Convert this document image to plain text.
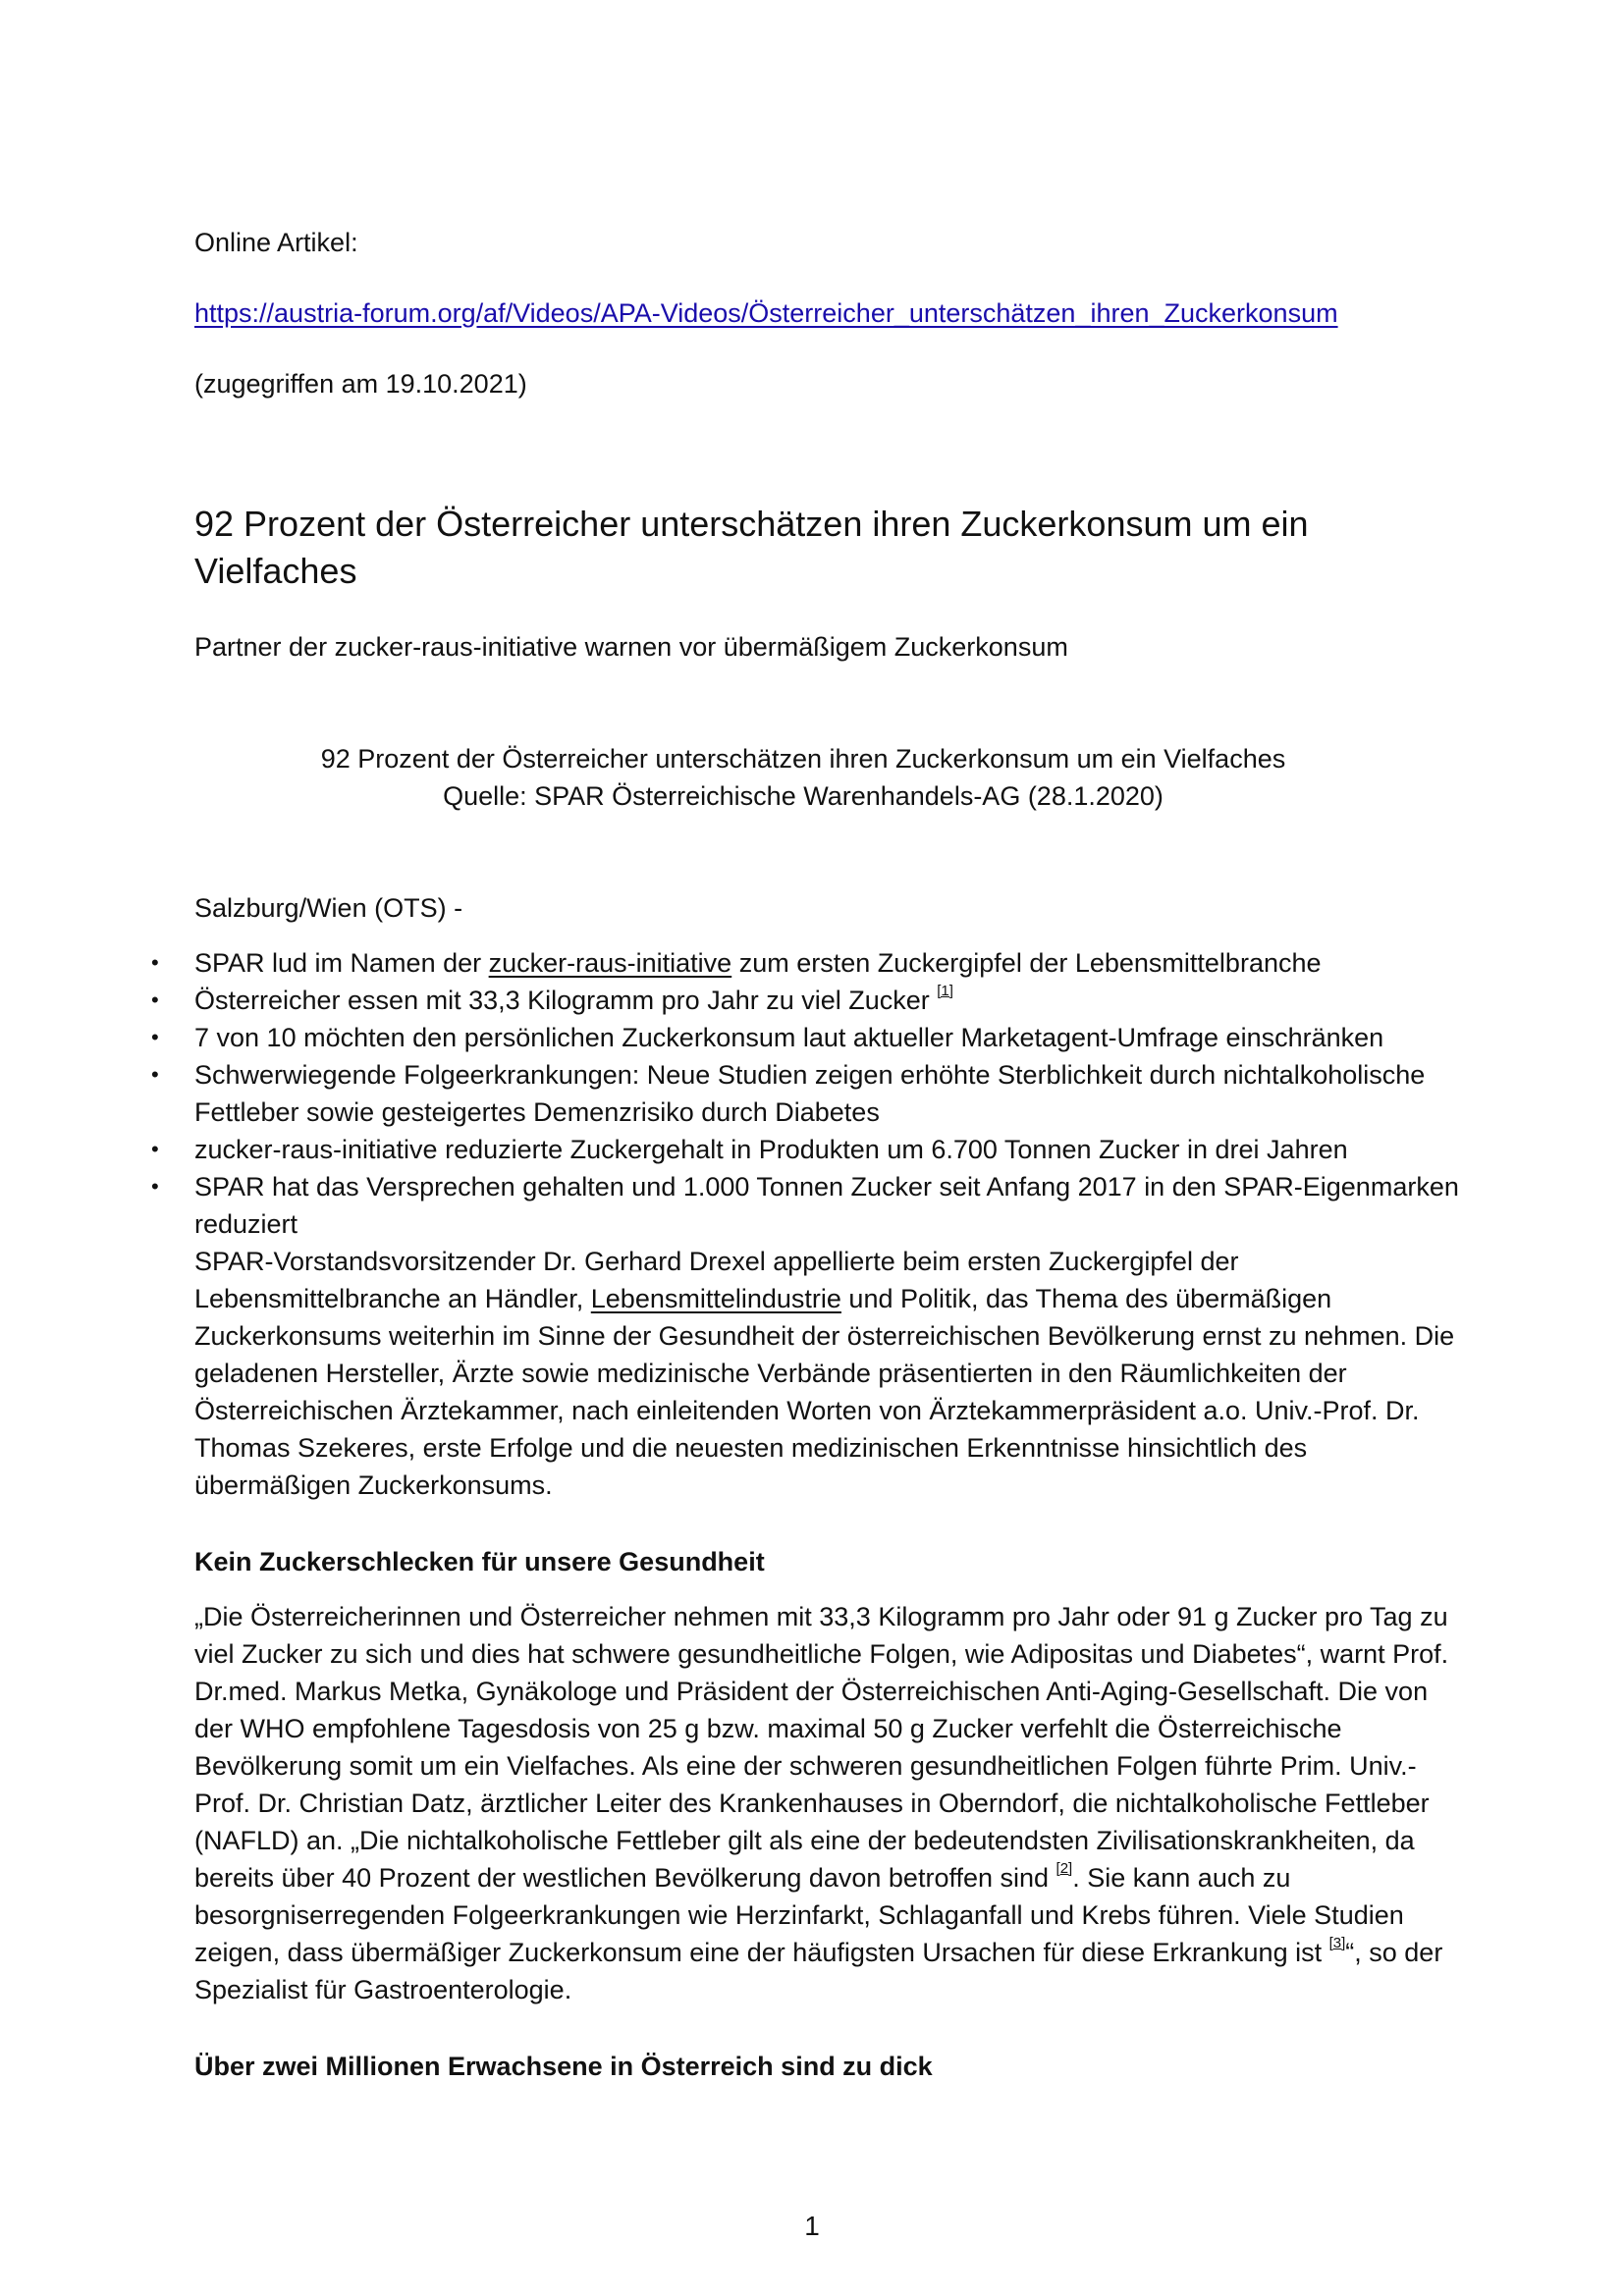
Online Artikel:

https://austria-forum.org/af/Videos/APA-Videos/Österreicher_unterschätzen_ihren_Zuckerkonsum

(zugegriffen am 19.10.2021)

92 Prozent der Österreicher unterschätzen ihren Zuckerkonsum um ein Vielfaches

Partner der zucker-raus-initiative warnen vor übermäßigem Zuckerkonsum

92 Prozent der Österreicher unterschätzen ihren Zuckerkonsum um ein Vielfaches

Quelle: SPAR Österreichische Warenhandels-AG (28.1.2020)

Salzburg/Wien (OTS) -

• SPAR lud im Namen der zucker-raus-initiative zum ersten Zuckergipfel der Lebensmittelbranche
• Österreicher essen mit 33,3 Kilogramm pro Jahr zu viel Zucker [1]
• 7 von 10 möchten den persönlichen Zuckerkonsum laut aktueller Marketagent-Umfrage einschränken
• Schwerwiegende Folgeerkrankungen: Neue Studien zeigen erhöhte Sterblichkeit durch nichtalkoholische Fettleber sowie gesteigertes Demenzrisiko durch Diabetes
• zucker-raus-initiative reduzierte Zuckergehalt in Produkten um 6.700 Tonnen Zucker in drei Jahren
• SPAR hat das Versprechen gehalten und 1.000 Tonnen Zucker seit Anfang 2017 in den SPAR-Eigenmarken reduziert

SPAR-Vorstandsvorsitzender Dr. Gerhard Drexel appellierte beim ersten Zuckergipfel der Lebensmittelbranche an Händler, Lebensmittelindustrie und Politik, das Thema des übermäßigen Zuckerkonsums weiterhin im Sinne der Gesundheit der österreichischen Bevölkerung ernst zu nehmen. Die geladenen Hersteller, Ärzte sowie medizinische Verbände präsentierten in den Räumlichkeiten der Österreichischen Ärztekammer, nach einleitenden Worten von Ärztekammerpräsident a.o. Univ.-Prof. Dr. Thomas Szekeres, erste Erfolge und die neuesten medizinischen Erkenntnisse hinsichtlich des übermäßigen Zuckerkonsums.

Kein Zuckerschlecken für unsere Gesundheit

„Die Österreicherinnen und Österreicher nehmen mit 33,3 Kilogramm pro Jahr oder 91 g Zucker pro Tag zu viel Zucker zu sich und dies hat schwere gesundheitliche Folgen, wie Adipositas und Diabetes“, warnt Prof. Dr.med. Markus Metka, Gynäkologe und Präsident der Österreichischen Anti-Aging-Gesellschaft. Die von der WHO empfohlene Tagesdosis von 25 g bzw. maximal 50 g Zucker verfehlt die Österreichische Bevölkerung somit um ein Vielfaches. Als eine der schweren gesundheitlichen Folgen führte Prim. Univ.-Prof. Dr. Christian Datz, ärztlicher Leiter des Krankenhauses in Oberndorf, die nichtalkoholische Fettleber (NAFLD) an. „Die nichtalkoholische Fettleber gilt als eine der bedeutendsten Zivilisationskrankheiten, da bereits über 40 Prozent der westlichen Bevölkerung davon betroffen sind [2]. Sie kann auch zu besorgniserregenden Folgeerkrankungen wie Herzinfarkt, Schlaganfall und Krebs führen. Viele Studien zeigen, dass übermäßiger Zuckerkonsum eine der häufigsten Ursachen für diese Erkrankung ist [3]“, so der Spezialist für Gastroenterologie.

Über zwei Millionen Erwachsene in Österreich sind zu dick

1
